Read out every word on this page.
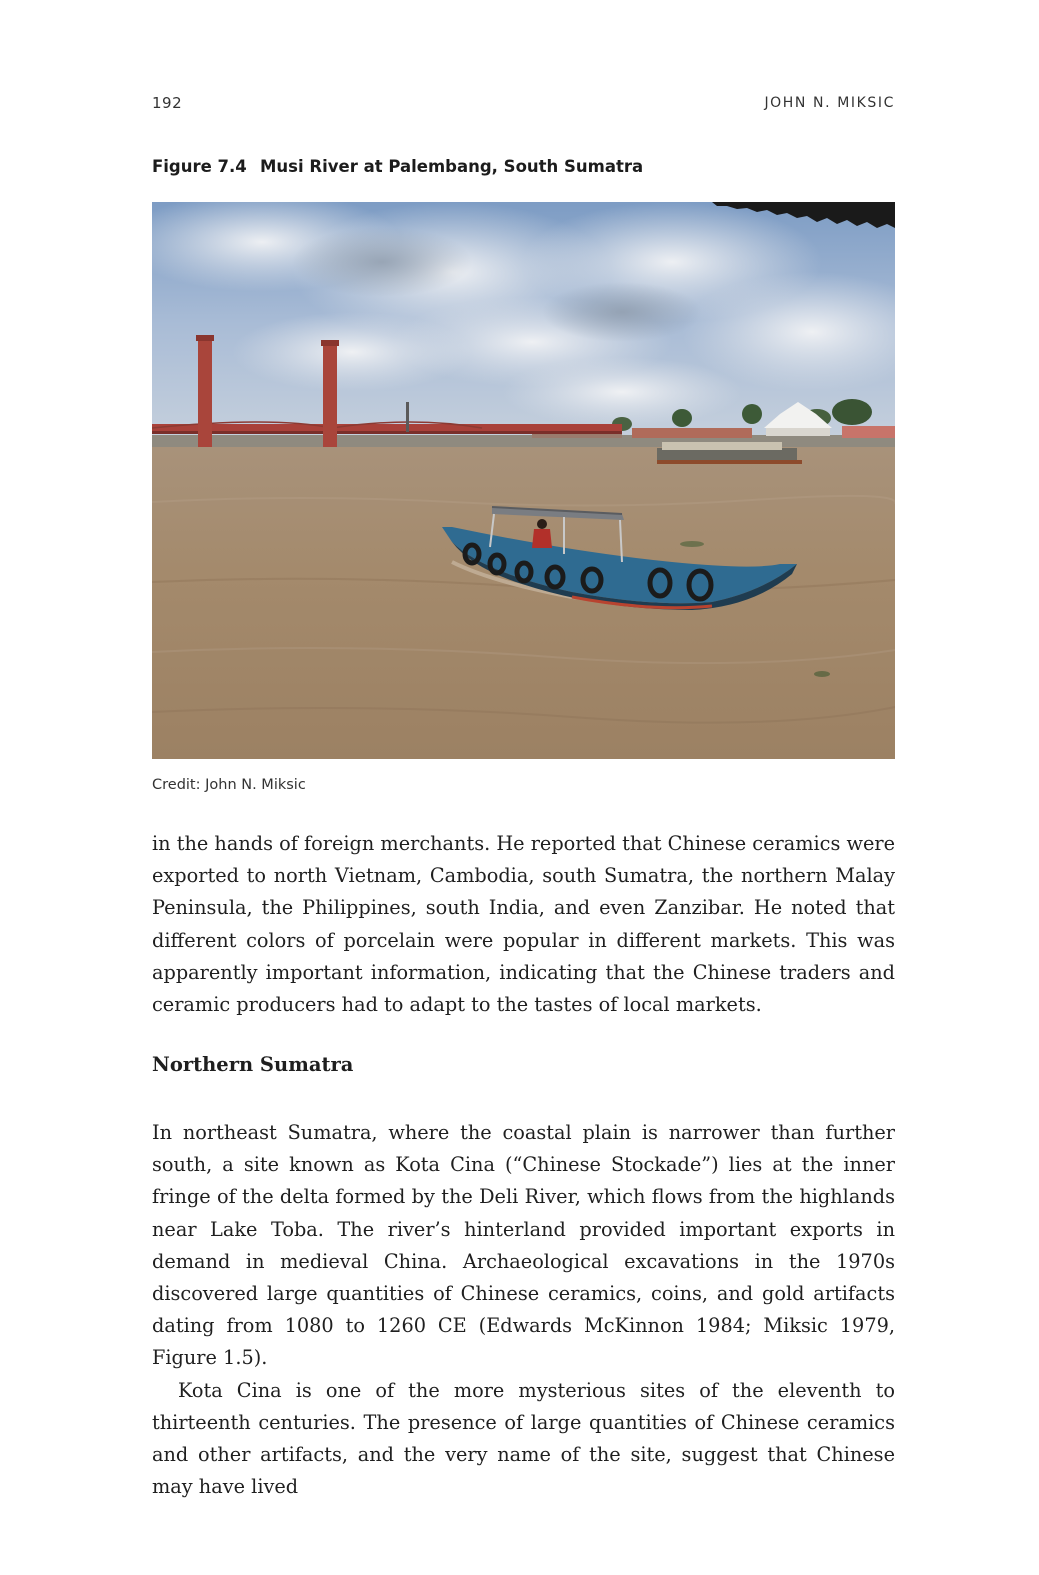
192	JOHN N. MIKSIC
Figure 7.4 Musi River at Palembang, South Sumatra
Credit: John N. Miksic

in the hands of foreign merchants. He reported that Chinese ceramics were exported to north Vietnam, Cambodia, south Sumatra, the northern Malay Peninsula, the Philippines, south India, and even Zanzibar. He noted that different colors of porcelain were popular in different markets. This was apparently important information, indicating that the Chinese traders and ceramic producers had to adapt to the tastes of local markets.

Northern Sumatra

In northeast Sumatra, where the coastal plain is narrower than further south, a site known as Kota Cina (“Chinese Stockade”) lies at the inner fringe of the delta formed by the Deli River, which flows from the highlands near Lake Toba. The river’s hinterland provided important exports in demand in medieval China. Archaeological excavations in the 1970s discovered large quantities of Chinese ceramics, coins, and gold artifacts dating from 1080 to 1260 CE (Edwards McKinnon 1984; Miksic 1979, Figure 1.5).

Kota Cina is one of the more mysterious sites of the eleventh to thirteenth centuries. The presence of large quantities of Chinese ceramics and other artifacts, and the very name of the site, suggest that Chinese may have lived
